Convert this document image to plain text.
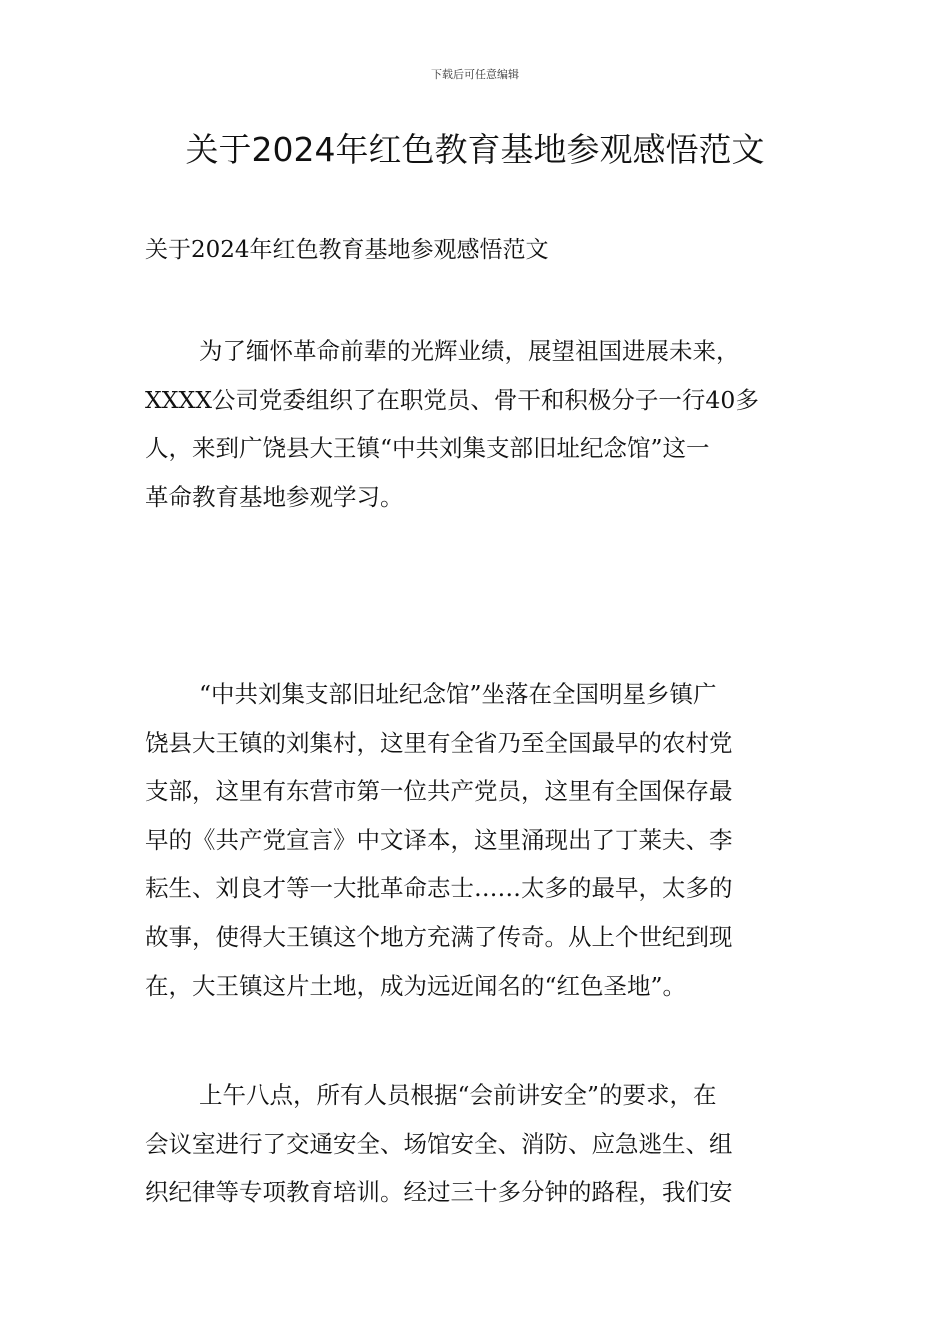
下载后可任意编辑
关于2024年红色教育基地参观感悟范文
关于2024年红色教育基地参观感悟范文
为了缅怀革命前辈的光辉业绩，展望祖国进展未来，
XXXX公司党委组织了在职党员、骨干和积极分子一行40多
人，来到广饶县大王镇“中共刘集支部旧址纪念馆”这一
革命教育基地参观学习。
“中共刘集支部旧址纪念馆”坐落在全国明星乡镇广
饶县大王镇的刘集村，这里有全省乃至全国最早的农村党
支部，这里有东营市第一位共产党员，这里有全国保存最
早的《共产党宣言》中文译本，这里涌现出了丁莱夫、李
耘生、刘良才等一大批革命志士……太多的最早，太多的
故事，使得大王镇这个地方充满了传奇。从上个世纪到现
在，大王镇这片土地，成为远近闻名的“红色圣地”。
上午八点，所有人员根据“会前讲安全”的要求，在
会议室进行了交通安全、场馆安全、消防、应急逃生、组
织纪律等专项教育培训。经过三十多分钟的路程，我们安
